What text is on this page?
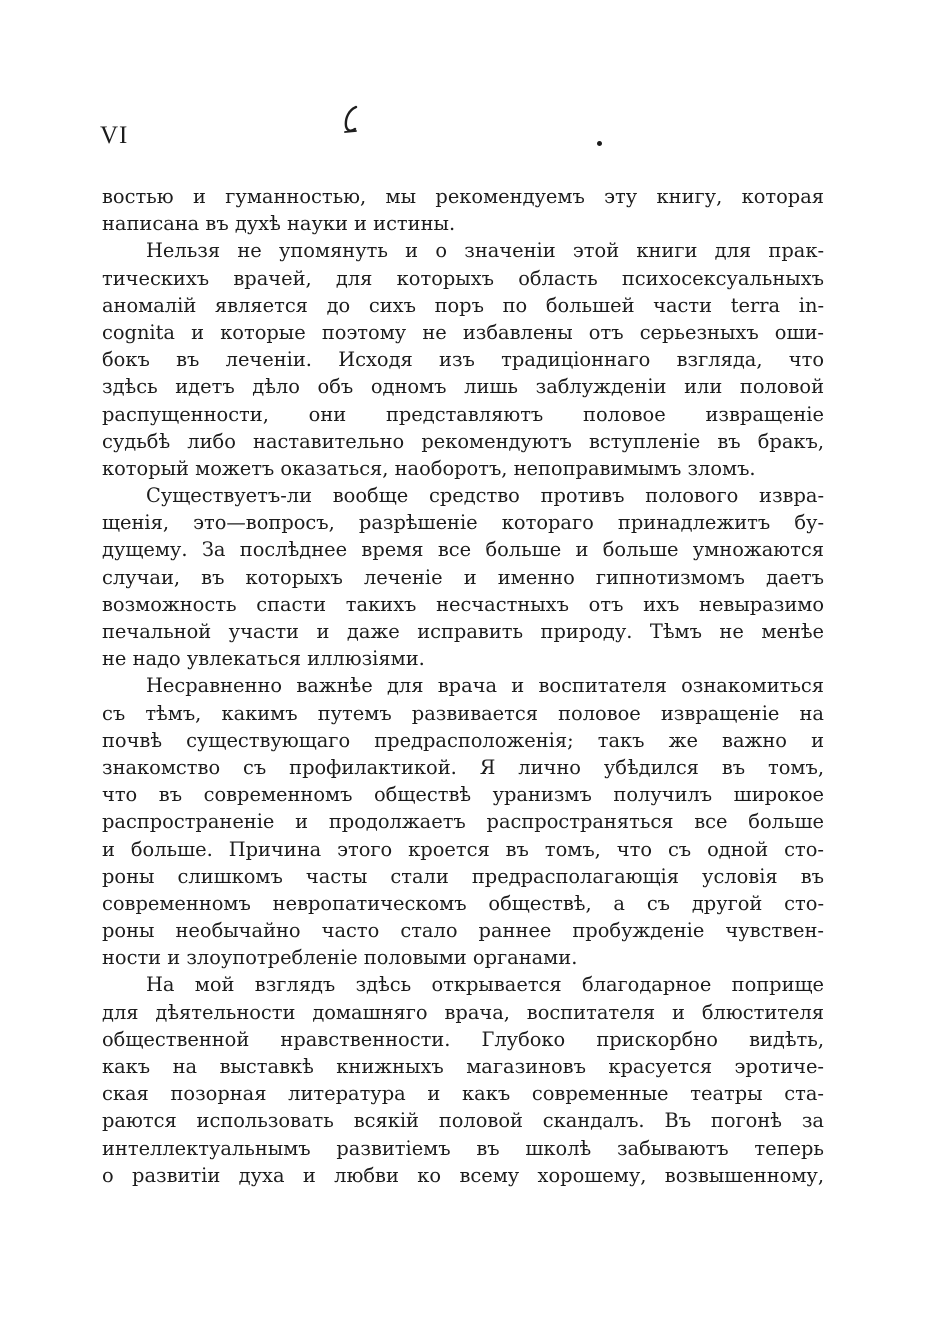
VI
востью и гуманностью, мы рекомендуемъ эту книгу, которая
написана въ духѣ науки и истины.
Нельзя не упомянуть и о значеніи этой книги для прак-
тическихъ врачей, для которыхъ область психосексуальныхъ
аномалій является до сихъ поръ по большей части terra in-
cognita и которые поэтому не избавлены отъ серьезныхъ оши-
бокъ въ леченіи. Исходя изъ традиціоннаго взгляда, что
здѣсь идетъ дѣло объ одномъ лишь заблужденіи или половой
распущенности, они представляютъ половое извращеніе
судьбѣ либо наставительно рекомендуютъ вступленіе въ бракъ,
который можетъ оказаться, наоборотъ, непоправимымъ зломъ.
Существуетъ-ли вообще средство противъ полового извра-
щенія, это—вопросъ, разрѣшеніе котораго принадлежитъ бу-
дущему. За послѣднее время все больше и больше умножаются
случаи, въ которыхъ леченіе и именно гипнотизмомъ даетъ
возможность спасти такихъ несчастныхъ отъ ихъ невыразимо
печальной участи и даже исправить природу. Тѣмъ не менѣе
не надо увлекаться иллюзіями.
Несравненно важнѣе для врача и воспитателя ознакомиться
съ тѣмъ, какимъ путемъ развивается половое извращеніе на
почвѣ существующаго предрасположенія; такъ же важно и
знакомство съ профилактикой. Я лично убѣдился въ томъ,
что въ современномъ обществѣ уранизмъ получилъ широкое
распространеніе и продолжаетъ распространяться все больше
и больше. Причина этого кроется въ томъ, что съ одной сто-
роны слишкомъ часты стали предрасполагающія условія въ
современномъ невропатическомъ обществѣ, а съ другой сто-
роны необычайно часто стало раннее пробужденіе чувствен-
ности и злоупотребленіе половыми органами.
На мой взглядъ здѣсь открывается благодарное поприще
для дѣятельности домашняго врача, воспитателя и блюстителя
общественной нравственности. Глубоко прискорбно видѣть,
какъ на выставкѣ книжныхъ магазиновъ красуется эротиче-
ская позорная литература и какъ современные театры ста-
раются использовать всякій половой скандалъ. Въ погонѣ за
интеллектуальнымъ развитіемъ въ школѣ забываютъ теперь
о развитіи духа и любви ко всему хорошему, возвышенному,
